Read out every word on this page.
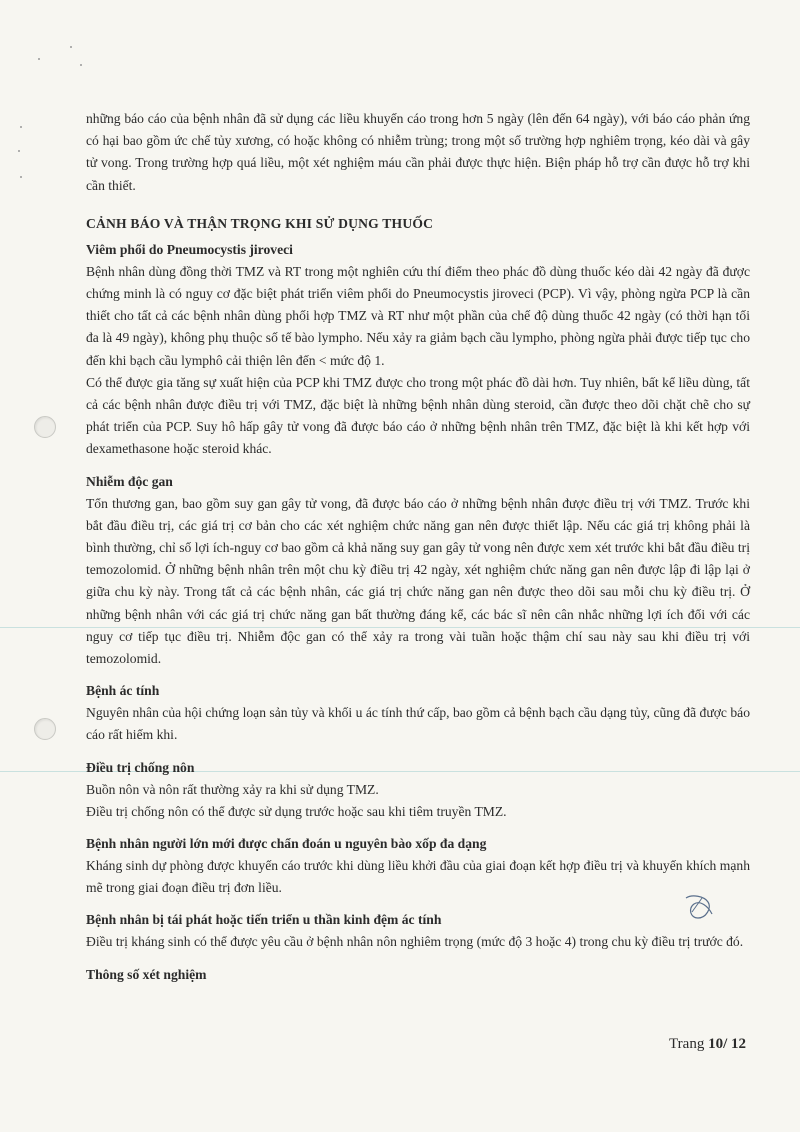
những báo cáo của bệnh nhân đã sử dụng các liều khuyến cáo trong hơn 5 ngày (lên đến 64 ngày), với báo cáo phản ứng có hại bao gồm ức chế tủy xương, có hoặc không có nhiễm trùng; trong một số trường hợp nghiêm trọng, kéo dài và gây tử vong. Trong trường hợp quá liều, một xét nghiệm máu cần phải được thực hiện. Biện pháp hỗ trợ cần được hỗ trợ khi cần thiết.

CẢNH BÁO VÀ THẬN TRỌNG KHI SỬ DỤNG THUỐC
Viêm phổi do Pneumocystis jiroveci

Bệnh nhân dùng đồng thời TMZ và RT trong một nghiên cứu thí điểm theo phác đồ dùng thuốc kéo dài 42 ngày đã được chứng minh là có nguy cơ đặc biệt phát triển viêm phổi do Pneumocystis jiroveci (PCP). Vì vậy, phòng ngừa PCP là cần thiết cho tất cả các bệnh nhân dùng phối hợp TMZ và RT như một phần của chế độ dùng thuốc 42 ngày (có thời hạn tối đa là 49 ngày), không phụ thuộc số tế bào lympho. Nếu xảy ra giảm bạch cầu lympho, phòng ngừa phải được tiếp tục cho đến khi bạch cầu lymphô cải thiện lên đến < mức độ 1.

Có thể được gia tăng sự xuất hiện của PCP khi TMZ được cho trong một phác đồ dài hơn. Tuy nhiên, bất kể liều dùng, tất cả các bệnh nhân được điều trị với TMZ, đặc biệt là những bệnh nhân dùng steroid, cần được theo dõi chặt chẽ cho sự phát triển của PCP. Suy hô hấp gây tử vong đã được báo cáo ở những bệnh nhân trên TMZ, đặc biệt là khi kết hợp với dexamethasone hoặc steroid khác.

Nhiễm độc gan

Tổn thương gan, bao gồm suy gan gây tử vong, đã được báo cáo ở những bệnh nhân được điều trị với TMZ. Trước khi bắt đầu điều trị, các giá trị cơ bản cho các xét nghiệm chức năng gan nên được thiết lập. Nếu các giá trị không phải là bình thường, chỉ số lợi ích-nguy cơ bao gồm cả khả năng suy gan gây tử vong nên được xem xét trước khi bắt đầu điều trị temozolomid. Ở những bệnh nhân trên một chu kỳ điều trị 42 ngày, xét nghiệm chức năng gan nên được lập đi lập lại ở giữa chu kỳ này. Trong tất cả các bệnh nhân, các giá trị chức năng gan nên được theo dõi sau mỗi chu kỳ điều trị. Ở những bệnh nhân với các giá trị chức năng gan bất thường đáng kể, các bác sĩ nên cân nhắc những lợi ích đối với các nguy cơ tiếp tục điều trị. Nhiễm độc gan có thể xảy ra trong vài tuần hoặc thậm chí sau này sau khi điều trị với temozolomid.

Bệnh ác tính

Nguyên nhân của hội chứng loạn sản tủy và khối u ác tính thứ cấp, bao gồm cả bệnh bạch cầu dạng tủy, cũng đã được báo cáo rất hiếm khi.

Điều trị chống nôn

Buồn nôn và nôn rất thường xảy ra khi sử dụng TMZ.

Điều trị chống nôn có thể được sử dụng trước hoặc sau khi tiêm truyền TMZ.

Bệnh nhân người lớn mới được chẩn đoán u nguyên bào xốp đa dạng

Kháng sinh dự phòng được khuyến cáo trước khi dùng liều khởi đầu của giai đoạn kết hợp điều trị và khuyến khích mạnh mẽ trong giai đoạn điều trị đơn liều.

Bệnh nhân bị tái phát hoặc tiến triển u thần kinh đệm ác tính

Điều trị kháng sinh có thể được yêu cầu ở bệnh nhân nôn nghiêm trọng (mức độ 3 hoặc 4) trong chu kỳ điều trị trước đó.

Thông số xét nghiệm
Trang 10/ 12
